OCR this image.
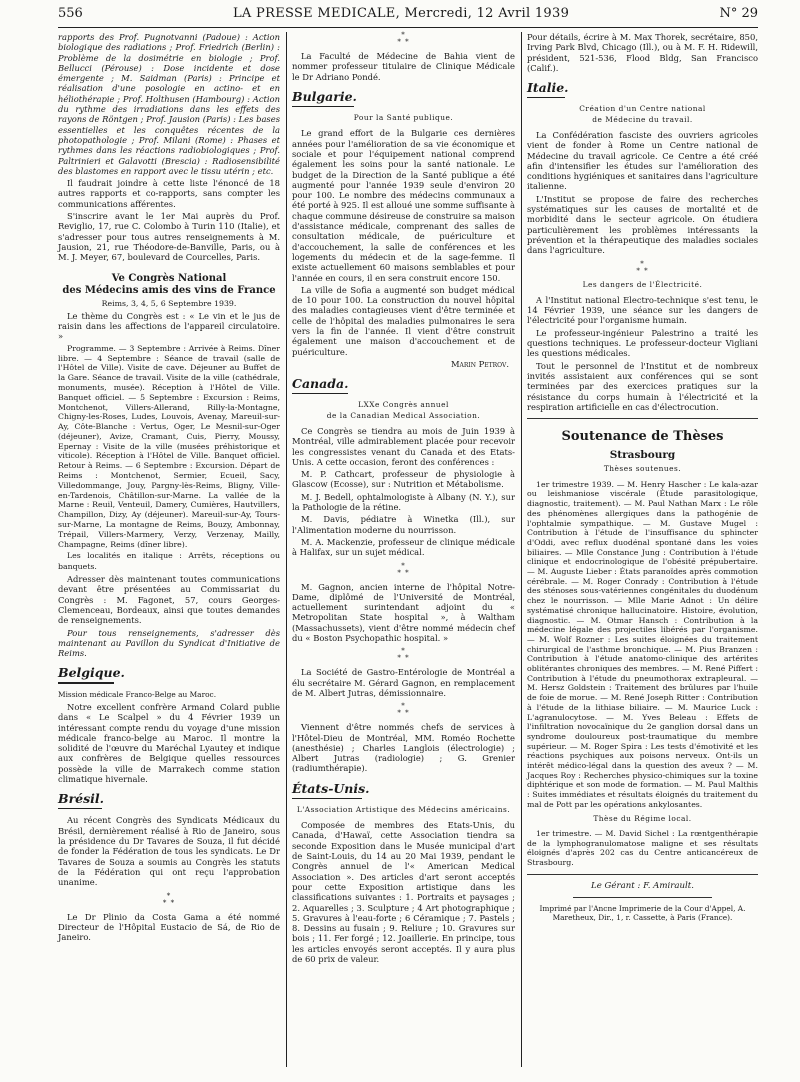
556	LA PRESSE MEDICALE, Mercredi, 12 Avril 1939	N° 29

rapports des Prof. Pugnotvanni (Padoue) : Action biologique des radiations ; Prof. Friedrich (Berlin) : Problème de la dosimétrie en biologie ; Prof. Bellucci (Pérouse) : Dose incidente et dose émergente ; M. Saidman (Paris) : Principe et réalisation d'une posologie en actino- et en héliothérapie ; Prof. Holthusen (Hambourg) : Action du rythme des irradiations dans les effets des rayons de Röntgen ; Prof. Jausion (Paris) : Les bases essentielles et les conquêtes récentes de la photopathologie ; Prof. Milani (Rome) : Phases et rythmes dans les réactions radiobiologiques ; Prof. Paltrinieri et Galavotti (Brescia) : Radiosensibilité des blastomes en rapport avec le tissu utérin ; etc.

Il faudrait joindre à cette liste l'énoncé de 18 autres rapports et co-rapports, sans compter les communications afférentes.

S'inscrire avant le 1er Mai auprès du Prof. Reviglio, 17, rue C. Colombo à Turin 110 (Italie), et s'adresser pour tous autres renseignements à M. Jausion, 21, rue Théodore-de-Banville, Paris, ou à M. J. Meyer, 67, boulevard de Courcelles, Paris.

Ve Congrès National
des Médecins amis des vins de France

Reims, 3, 4, 5, 6 Septembre 1939.

Le thème du Congrès est : « Le vin et le jus de raisin dans les affections de l'appareil circulatoire. »

Programme. — 3 Septembre : Arrivée à Reims. Dîner libre. — 4 Septembre : Séance de travail (salle de l'Hôtel de Ville). Visite de cave. Déjeuner au Buffet de la Gare. Séance de travail. Visite de la ville (cathédrale, monuments, musée). Réception à l'Hôtel de Ville. Banquet officiel. — 5 Septembre : Excursion : Reims, Montchenot, Villers-Allerand, Rilly-la-Montagne, Chigny-les-Roses, Ludes, Louvois, Avenay, Mareuil-sur-Ay, Côte-Blanche : Vertus, Oger, Le Mesnil-sur-Oger (déjeuner), Avize, Cramant, Cuis, Pierry, Moussy, Epernay : Visite de la ville (musées préhistorique et viticole). Réception à l'Hôtel de Ville. Banquet officiel. Retour à Reims. — 6 Septembre : Excursion. Départ de Reims : Montchenot, Sermier, Ecueil, Sacy, Villedommange, Jouy, Pargny-lès-Reims, Bligny, Ville-en-Tardenois, Châtillon-sur-Marne. La vallée de la Marne : Reuil, Venteuil, Damery, Cumières, Hautvillers, Champillon, Dizy, Ay (déjeuner). Mareuil-sur-Ay, Tours-sur-Marne, La montagne de Reims, Bouzy, Ambonnay, Trépail, Villers-Marmery, Verzy, Verzenay, Mailly, Champagne, Reims (dîner libre).

Les localités en italique : Arrêts, réceptions ou banquets.

Adresser dès maintenant toutes communications devant être présentées au Commissariat du Congrès : M. Fagonet, 57, cours Georges-Clemenceau, Bordeaux, ainsi que toutes demandes de renseignements.

Pour tous renseignements, s'adresser dès maintenant au Pavillon du Syndicat d'Initiative de Reims.

Belgique.

Mission médicale Franco-Belge au Maroc.

Notre excellent confrère Armand Colard publie dans « Le Scalpel » du 4 Février 1939 un intéressant compte rendu du voyage d'une mission médicale franco-belge au Maroc. Il montre la solidité de l'œuvre du Maréchal Lyautey et indique aux confrères de Belgique quelles ressources possède la ville de Marrakech comme station climatique hivernale.

Brésil.

Au récent Congrès des Syndicats Médicaux du Brésil, dernièrement réalisé à Rio de Janeiro, sous la présidence du Dr Tavares de Souza, il fut décidé de fonder la Fédération de tous les syndicats. Le Dr Tavares de Souza a soumis au Congrès les statuts de la Fédération qui ont reçu l'approbation unanime.

*
* *

Le Dr Plinio da Costa Gama a été nommé Directeur de l'Hôpital Eustacio de Sá, de Rio de Janeiro.

*
* *

La Faculté de Médecine de Bahia vient de nommer professeur titulaire de Clinique Médicale le Dr Adriano Pondé.

Bulgarie.

Pour la Santé publique.

Le grand effort de la Bulgarie ces dernières années pour l'amélioration de sa vie économique et sociale et pour l'équipement national comprend également les soins pour la santé nationale. Le budget de la Direction de la Santé publique a été augmenté pour l'année 1939 seule d'environ 20 pour 100. Le nombre des médecins communaux a été porté à 925. Il est alloué une somme suffisante à chaque commune désireuse de construire sa maison d'assistance médicale, comprenant des salles de consultation médicale, de puériculture et d'accouchement, la salle de conférences et les logements du médecin et de la sage-femme. Il existe actuellement 60 maisons semblables et pour l'année en cours, il en sera construit encore 150.

La ville de Sofia a augmenté son budget médical de 10 pour 100. La construction du nouvel hôpital des maladies contagieuses vient d'être terminée et celle de l'hôpital des maladies pulmonaires le sera vers la fin de l'année. Il vient d'être construit également une maison d'accouchement et de puériculture.

Marin Petrov.

Canada.

LXXe Congrès annuel

de la Canadian Medical Association.

Ce Congrès se tiendra au mois de Juin 1939 à Montréal, ville admirablement placée pour recevoir les congressistes venant du Canada et des Etats-Unis. A cette occasion, feront des conférences :

M. P. Cathcart, professeur de physiologie à Glascow (Ecosse), sur : Nutrition et Métabolisme.

M. J. Bedell, ophtalmologiste à Albany (N. Y.), sur la Pathologie de la rétine.

M. Davis, pédiatre à Winetka (Ill.), sur l'Alimentation moderne du nourrisson.

M. A. Mackenzie, professeur de clinique médicale à Halifax, sur un sujet médical.

*
* *

M. Gagnon, ancien interne de l'hôpital Notre-Dame, diplômé de l'Université de Montréal, actuellement surintendant adjoint du « Metropolitan State hospital », à Waltham (Massachussets), vient d'être nommé médecin chef du « Boston Psychopathic hospital. »

*
* *

La Société de Gastro-Entérologie de Montréal a élu secrétaire M. Gérard Gagnon, en remplacement de M. Albert Jutras, démissionnaire.

*
* *

Viennent d'être nommés chefs de services à l'Hôtel-Dieu de Montréal, MM. Roméo Rochette (anesthésie) ; Charles Langlois (électrologie) ; Albert Jutras (radiologie) ; G. Grenier (radiumthérapie).

États-Unis.

L'Association Artistique des Médecins américains.

Composée de membres des Etats-Unis, du Canada, d'Hawaï, cette Association tiendra sa seconde Exposition dans le Musée municipal d'art de Saint-Louis, du 14 au 20 Mai 1939, pendant le Congrès annuel de l'« American Medical Association ». Des articles d'art seront acceptés pour cette Exposition artistique dans les classifications suivantes : 1. Portraits et paysages ; 2. Aquarelles ; 3. Sculpture ; 4 Art photographique ; 5. Gravures à l'eau-forte ; 6 Céramique ; 7. Pastels ; 8. Dessins au fusain ; 9. Reliure ; 10. Gravures sur bois ; 11. Fer forgé ; 12. Joaillerie. En principe, tous les articles envoyés seront acceptés. Il y aura plus de 60 prix de valeur.

Pour détails, écrire à M. Max Thorek, secrétaire, 850, Irving Park Blvd, Chicago (Ill.), ou à M. F. H. Ridewill, président, 521-536, Flood Bldg, San Francisco (Calif.).

Italie.

Création d'un Centre national

de Médecine du travail.

La Confédération fasciste des ouvriers agricoles vient de fonder à Rome un Centre national de Médecine du travail agricole. Ce Centre a été créé afin d'intensifier les études sur l'amélioration des conditions hygiéniques et sanitaires dans l'agriculture italienne.

L'Institut se propose de faire des recherches systématiques sur les causes de mortalité et de morbidité dans le secteur agricole. On étudiera particulièrement les problèmes intéressants la prévention et la thérapeutique des maladies sociales dans l'agriculture.

*
* *

Les dangers de l'Électricité.

A l'Institut national Electro-technique s'est tenu, le 14 Février 1939, une séance sur les dangers de l'électricité pour l'organisme humain.

Le professeur-ingénieur Palestrino a traité les questions techniques. Le professeur-docteur Vigliani les questions médicales.

Tout le personnel de l'Institut et de nombreux invités assistaient aux conférences qui se sont terminées par des exercices pratiques sur la résistance du corps humain à l'électricité et la respiration artificielle en cas d'électrocution.

Soutenance de Thèses
Strasbourg

Thèses soutenues.

1er trimestre 1939. — M. Henry Hascher : Le kala-azar ou leishmaniose viscérale (Étude parasitologique, diagnostic, traitement). — M. Paul Nathan Marx : Le rôle des phénomènes allergiques dans la pathogénie de l'ophtalmie sympathique. — M. Gustave Mugel : Contribution à l'étude de l'insuffisance du sphincter d'Oddi, avec reflux duodénal spontané dans les voies biliaires. — Mlle Constance Jung : Contribution à l'étude clinique et endocrinologique de l'obésité prépubertaire. — M. Auguste Lieber : États paranoïdes après commotion cérébrale. — M. Roger Conrady : Contribution à l'étude des sténoses sous-vatériennes congénitales du duodénum chez le nourrisson. — Mlle Marie Adnot : Un délire systématisé chronique hallucinatoire. Histoire, évolution, diagnostic. — M. Otmar Hansch : Contribution à la médecine légale des projectiles libérés par l'organisme. — M. Wolf Rozner : Les suites éloignées du traitement chirurgical de l'asthme bronchique. — M. Pius Branzen : Contribution à l'étude anatomo-clinique des artérites oblitérantes chroniques des membres. — M. René Piffert : Contribution à l'étude du pneumothorax extrapleural. — M. Hersz Goldstein : Traitement des brûlures par l'huile de foie de morue. — M. René Joseph Ritter : Contribution à l'étude de la lithiase biliaire. — M. Maurice Luck : L'agranulocytose. — M. Yves Beleau : Effets de l'infiltration novocaïnique du 2e ganglion dorsal dans un syndrome douloureux post-traumatique du membre supérieur. — M. Roger Spira : Les tests d'émotivité et les réactions psychiques aux poisons nerveux. Ont-ils un intérêt médico-légal dans la question des aveux ? — M. Jacques Roy : Recherches physico-chimiques sur la toxine diphtérique et son mode de formation. — M. Paul Malthis : Suites immédiates et résultats éloignés du traitement du mal de Pott par les opérations ankylosantes.

Thèse du Régime local.

1er trimestre. — M. David Sichel : La rœntgenthérapie de la lymphogranulomatose maligne et ses résultats éloignés d'après 202 cas du Centre anticancéreux de Strasbourg.

Le Gérant : F. Amirault.
Imprimé par l'Ancne Imprimerie de la Cour d'Appel, A. Maretheux, Dir., 1, r. Cassette, à Paris (France).
